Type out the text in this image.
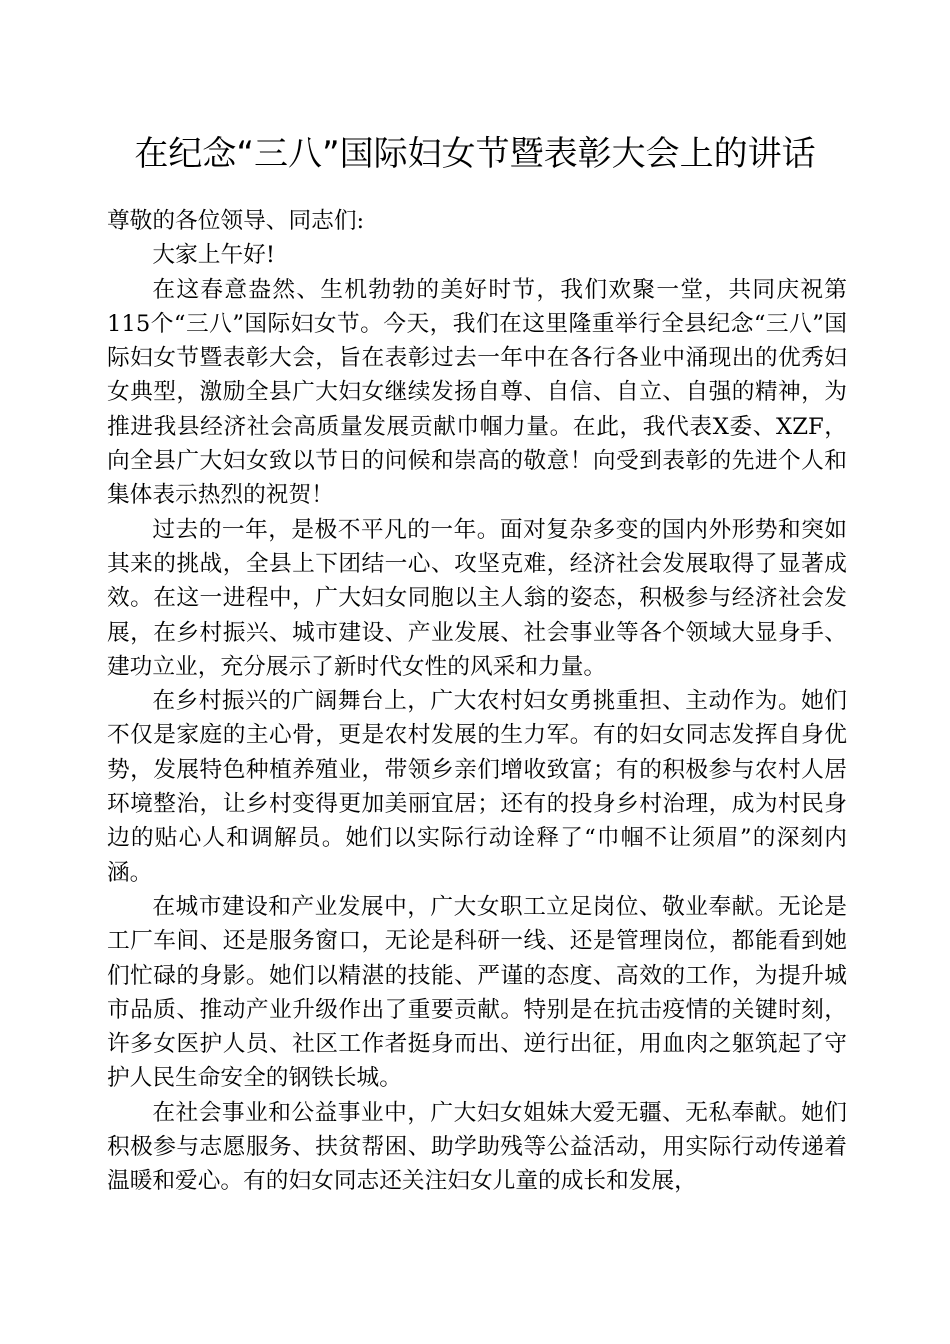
在纪念“三八”国际妇女节暨表彰大会上的讲话

尊敬的各位领导、同志们:

大家上午好!

在这春意盎然、生机勃勃的美好时节，我们欢聚一堂，共同庆祝第115个“三八”国际妇女节。今天，我们在这里隆重举行全县纪念“三八”国际妇女节暨表彰大会，旨在表彰过去一年中在各行各业中涌现出的优秀妇女典型，激励全县广大妇女继续发扬自尊、自信、自立、自强的精神，为推进我县经济社会高质量发展贡献巾帼力量。在此，我代表X委、XZF，向全县广大妇女致以节日的问候和崇高的敬意！向受到表彰的先进个人和集体表示热烈的祝贺！

过去的一年，是极不平凡的一年。面对复杂多变的国内外形势和突如其来的挑战，全县上下团结一心、攻坚克难，经济社会发展取得了显著成效。在这一进程中，广大妇女同胞以主人翁的姿态，积极参与经济社会发展，在乡村振兴、城市建设、产业发展、社会事业等各个领域大显身手、建功立业，充分展示了新时代女性的风采和力量。

在乡村振兴的广阔舞台上，广大农村妇女勇挑重担、主动作为。她们不仅是家庭的主心骨，更是农村发展的生力军。有的妇女同志发挥自身优势，发展特色种植养殖业，带领乡亲们增收致富；有的积极参与农村人居环境整治，让乡村变得更加美丽宜居；还有的投身乡村治理，成为村民身边的贴心人和调解员。她们以实际行动诠释了“巾帼不让须眉”的深刻内涵。

在城市建设和产业发展中，广大女职工立足岗位、敬业奉献。无论是工厂车间、还是服务窗口，无论是科研一线、还是管理岗位，都能看到她们忙碌的身影。她们以精湛的技能、严谨的态度、高效的工作，为提升城市品质、推动产业升级作出了重要贡献。特别是在抗击疫情的关键时刻，许多女医护人员、社区工作者挺身而出、逆行出征，用血肉之躯筑起了守护人民生命安全的钢铁长城。

在社会事业和公益事业中，广大妇女姐妹大爱无疆、无私奉献。她们积极参与志愿服务、扶贫帮困、助学助残等公益活动，用实际行动传递着温暖和爱心。有的妇女同志还关注妇女儿童的成长和发展，
